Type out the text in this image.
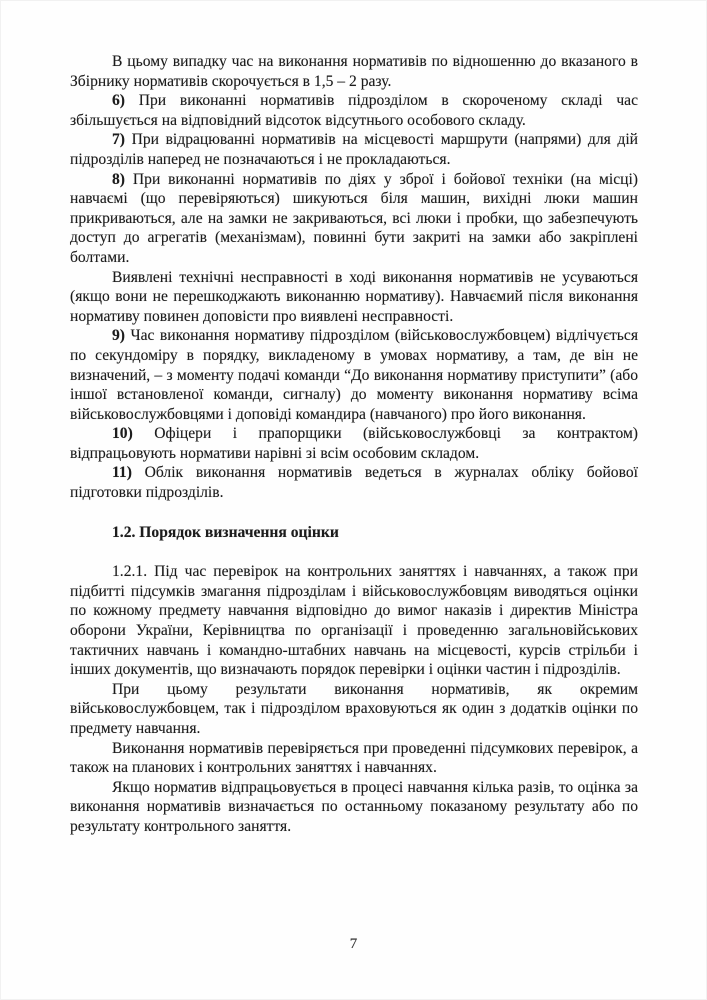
В цьому випадку час на виконання нормативів по відношенню до вказаного в Збірнику нормативів скорочується в 1,5 – 2 разу.

6) При виконанні нормативів підрозділом в скороченому складі час збільшується на відповідний відсоток відсутнього особового складу.

7) При відрацюванні нормативів на місцевості маршрути (напрями) для дій підрозділів наперед не позначаються і не прокладаються.

8) При виконанні нормативів по діях у зброї і бойової техніки (на місці) навчаємі (що перевіряються) шикуються біля машин, вихідні люки машин прикриваються, але на замки не закриваються, всі люки і пробки, що забезпечують доступ до агрегатів (механізмам), повинні бути закриті на замки або закріплені болтами.

Виявлені технічні несправності в ході виконання нормативів не усуваються (якщо вони не перешкоджають виконанню нормативу). Навчаємий після виконання нормативу повинен доповісти про виявлені несправності.

9) Час виконання нормативу підрозділом (військовослужбовцем) відлічується по секундоміру в порядку, викладеному в умовах нормативу, а там, де він не визначений, – з моменту подачі команди “До виконання нормативу приступити” (або іншої встановленої команди, сигналу) до моменту виконання нормативу всіма військовослужбовцями і доповіді командира (навчаного) про його виконання.

10) Офіцери і прапорщики (військовослужбовці за контрактом) відпрацьовують нормативи нарівні зі всім особовим складом.

11) Облік виконання нормативів ведеться в журналах обліку бойової підготовки підрозділів.

1.2. Порядок визначення оцінки

1.2.1. Під час перевірок на контрольних заняттях і навчаннях, а також при підбитті підсумків змагання підрозділам і військовослужбовцям виводяться оцінки по кожному предмету навчання відповідно до вимог наказів і директив Міністра оборони України, Керівництва по організації і проведенню загальновійськових тактичних навчань і командно-штабних навчань на місцевості, курсів стрільби і інших документів, що визначають порядок перевірки і оцінки частин і підрозділів.

При цьому результати виконання нормативів, як окремим військовослужбовцем, так і підрозділом враховуються як один з додатків оцінки по предмету навчання.

Виконання нормативів перевіряється при проведенні підсумкових перевірок, а також на планових і контрольних заняттях і навчаннях.

Якщо норматив відпрацьовується в процесі навчання кілька разів, то оцінка за виконання нормативів визначається по останньому показаному результату або по результату контрольного заняття.

7
